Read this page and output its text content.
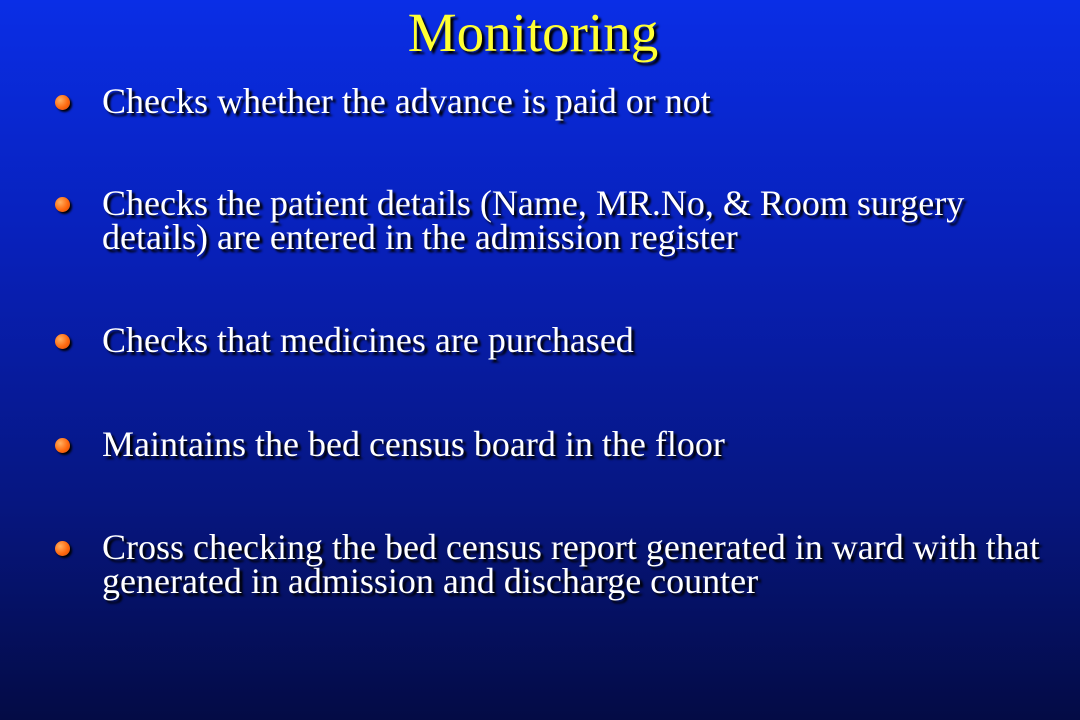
Monitoring
Checks whether the advance is paid or not
Checks the patient details (Name, MR.No, & Room surgery details) are entered in the admission register
Checks that medicines are purchased
Maintains the bed census board in the floor
Cross checking the bed census report generated in ward with that generated in admission and discharge counter
